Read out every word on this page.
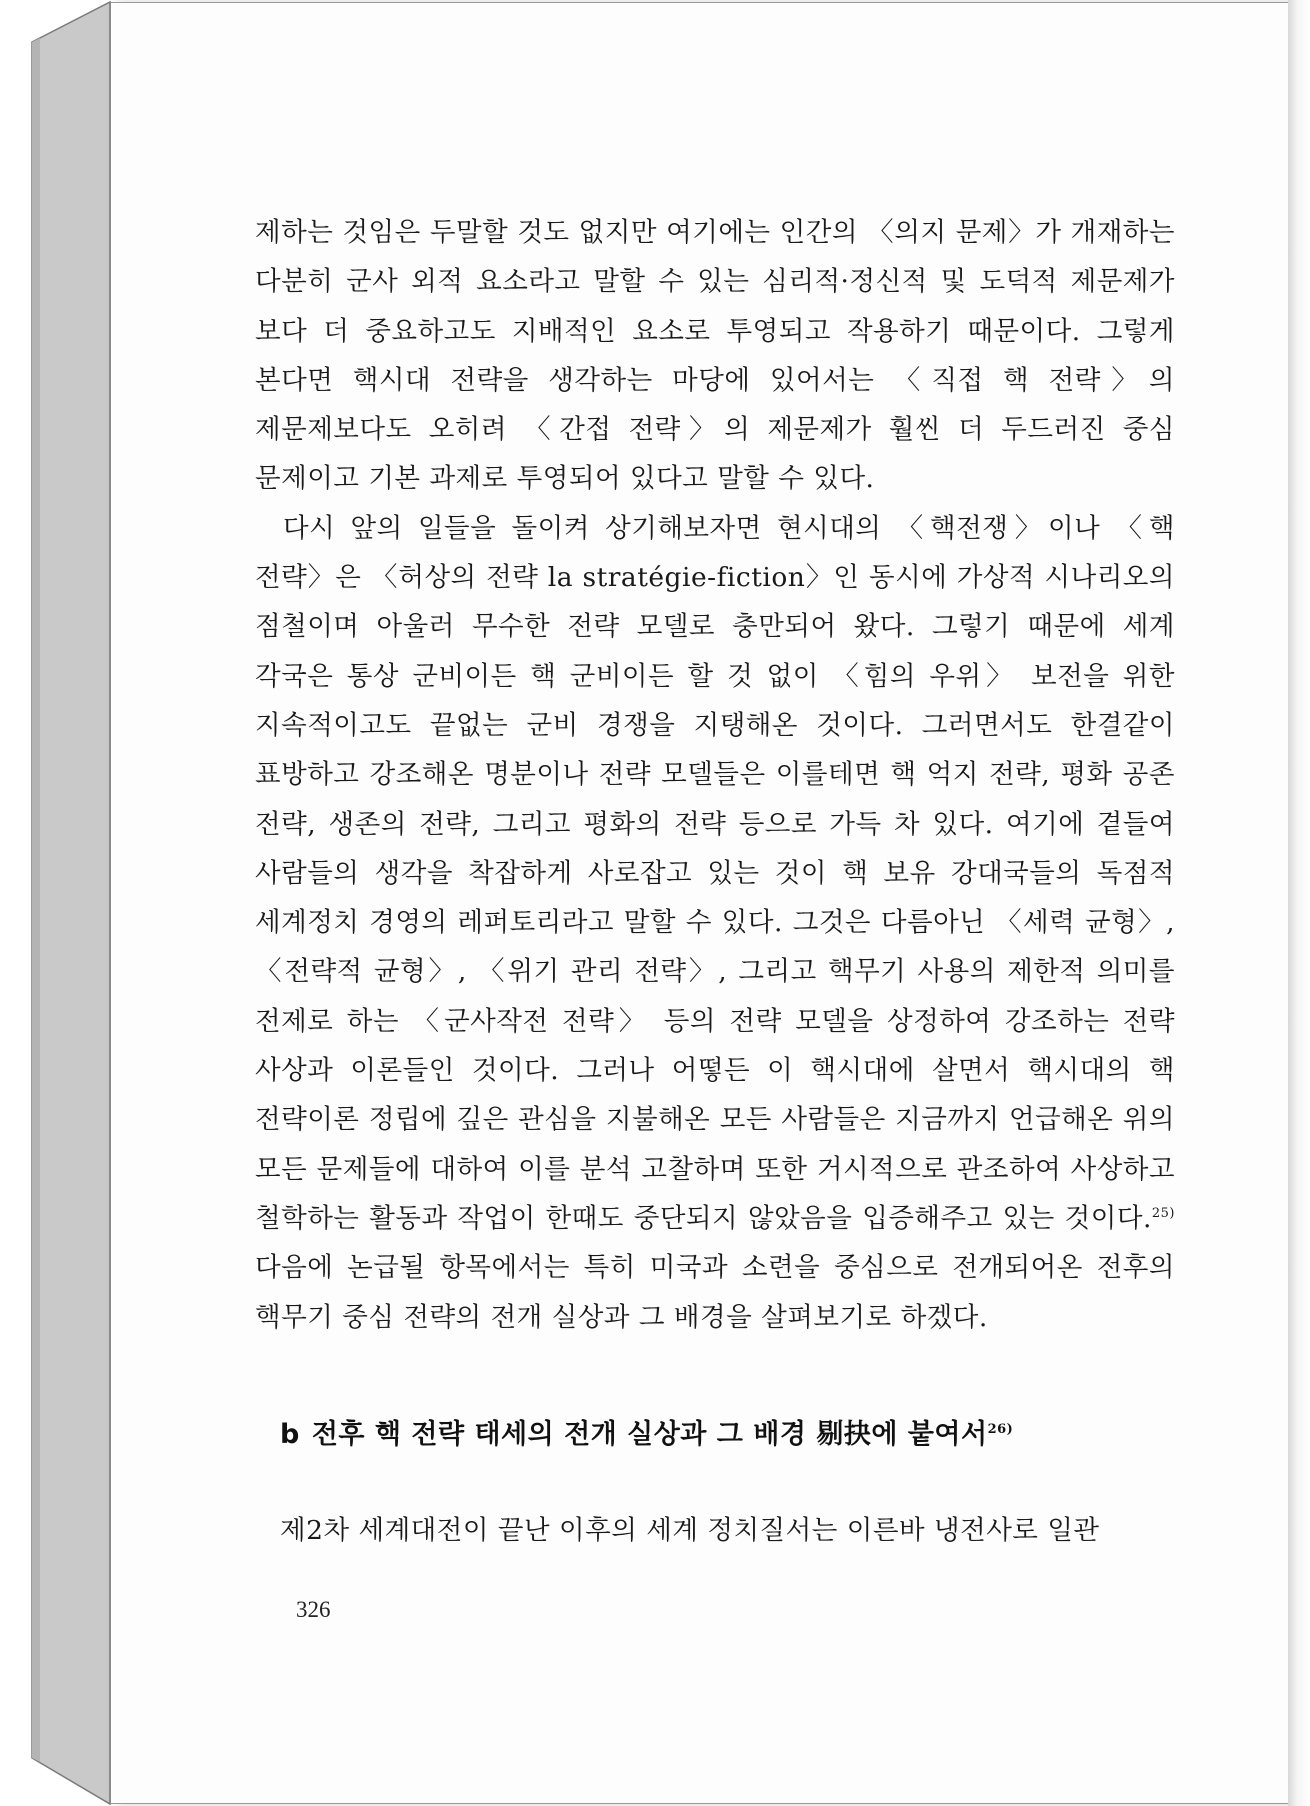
제하는 것임은 두말할 것도 없지만 여기에는 인간의 〈의지 문제〉가 개재하는 다분히 군사 외적 요소라고 말할 수 있는 심리적·정신적 및 도덕적 제문제가 보다 더 중요하고도 지배적인 요소로 투영되고 작용하기 때문이다. 그렇게 본다면 핵시대 전략을 생각하는 마당에 있어서는 〈직접 핵 전략〉의 제문제보다도 오히려 〈간접 전략〉의 제문제가 훨씬 더 두드러진 중심 문제이고 기본 과제로 투영되어 있다고 말할 수 있다.

다시 앞의 일들을 돌이켜 상기해보자면 현시대의 〈핵전쟁〉이나 〈핵 전략〉은 〈허상의 전략 la stratégie-fiction〉인 동시에 가상적 시나리오의 점철이며 아울러 무수한 전략 모델로 충만되어 왔다. 그렇기 때문에 세계 각국은 통상 군비이든 핵 군비이든 할 것 없이 〈힘의 우위〉 보전을 위한 지속적이고도 끝없는 군비 경쟁을 지탱해온 것이다. 그러면서도 한결같이 표방하고 강조해온 명분이나 전략 모델들은 이를테면 핵 억지 전략, 평화 공존 전략, 생존의 전략, 그리고 평화의 전략 등으로 가득 차 있다. 여기에 곁들여 사람들의 생각을 착잡하게 사로잡고 있는 것이 핵 보유 강대국들의 독점적 세계정치 경영의 레퍼토리라고 말할 수 있다. 그것은 다름아닌 〈세력 균형〉, 〈전략적 균형〉, 〈위기 관리 전략〉, 그리고 핵무기 사용의 제한적 의미를 전제로 하는 〈군사작전 전략〉 등의 전략 모델을 상정하여 강조하는 전략 사상과 이론들인 것이다. 그러나 어떻든 이 핵시대에 살면서 핵시대의 핵 전략이론 정립에 깊은 관심을 지불해온 모든 사람들은 지금까지 언급해온 위의 모든 문제들에 대하여 이를 분석 고찰하며 또한 거시적으로 관조하여 사상하고 철학하는 활동과 작업이 한때도 중단되지 않았음을 입증해주고 있는 것이다.$^{25)}$ 다음에 논급될 항목에서는 특히 미국과 소련을 중심으로 전개되어온 전후의 핵무기 중심 전략의 전개 실상과 그 배경을 살펴보기로 하겠다.

b 전후 핵 전략 태세의 전개 실상과 그 배경 剔抉에 붙여서$^{26)}$
제2차 세계대전이 끝난 이후의 세계 정치질서는 이른바 냉전사로 일관
326
